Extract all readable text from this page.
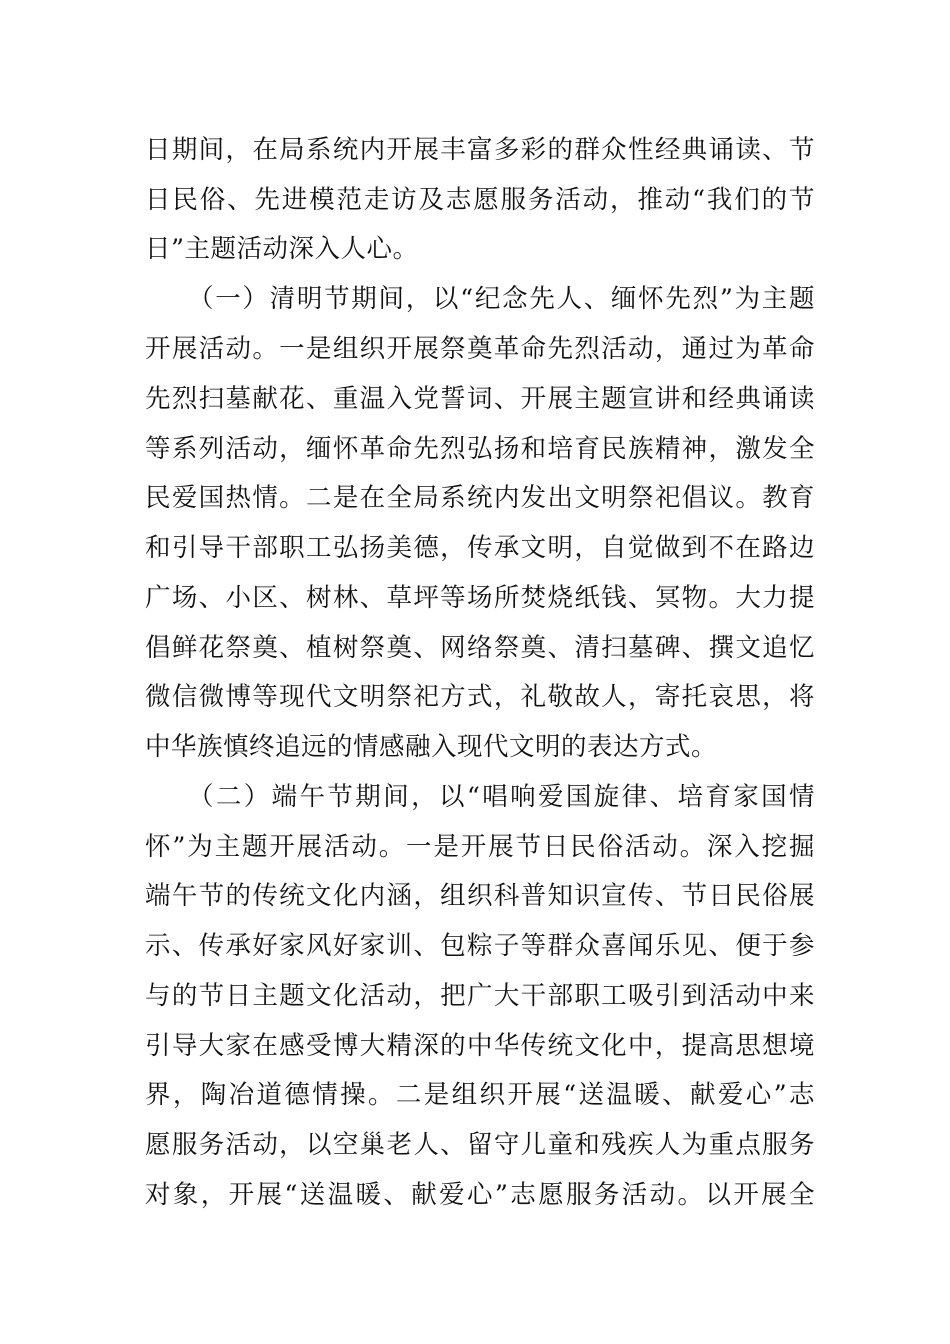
日期间，在局系统内开展丰富多彩的群众性经典诵读、节
日民俗、先进模范走访及志愿服务活动，推动“我们的节
日”主题活动深入人心。
（一）清明节期间，以“纪念先人、缅怀先烈”为主题
开展活动。一是组织开展祭奠革命先烈活动，通过为革命
先烈扫墓献花、重温入党誓词、开展主题宣讲和经典诵读
等系列活动，缅怀革命先烈弘扬和培育民族精神，激发全
民爱国热情。二是在全局系统内发出文明祭祀倡议。教育
和引导干部职工弘扬美德，传承文明，自觉做到不在路边
广场、小区、树林、草坪等场所焚烧纸钱、冥物。大力提
倡鲜花祭奠、植树祭奠、网络祭奠、清扫墓碑、撰文追忆
微信微博等现代文明祭祀方式，礼敬故人，寄托哀思，将
中华族慎终追远的情感融入现代文明的表达方式。
（二）端午节期间，以“唱响爱国旋律、培育家国情
怀”为主题开展活动。一是开展节日民俗活动。深入挖掘
端午节的传统文化内涵，组织科普知识宣传、节日民俗展
示、传承好家风好家训、包粽子等群众喜闻乐见、便于参
与的节日主题文化活动，把广大干部职工吸引到活动中来
引导大家在感受博大精深的中华传统文化中，提高思想境
界，陶冶道德情操。二是组织开展“送温暖、献爱心”志
愿服务活动，以空巢老人、留守儿童和残疾人为重点服务
对象，开展“送温暖、献爱心”志愿服务活动。以开展全
